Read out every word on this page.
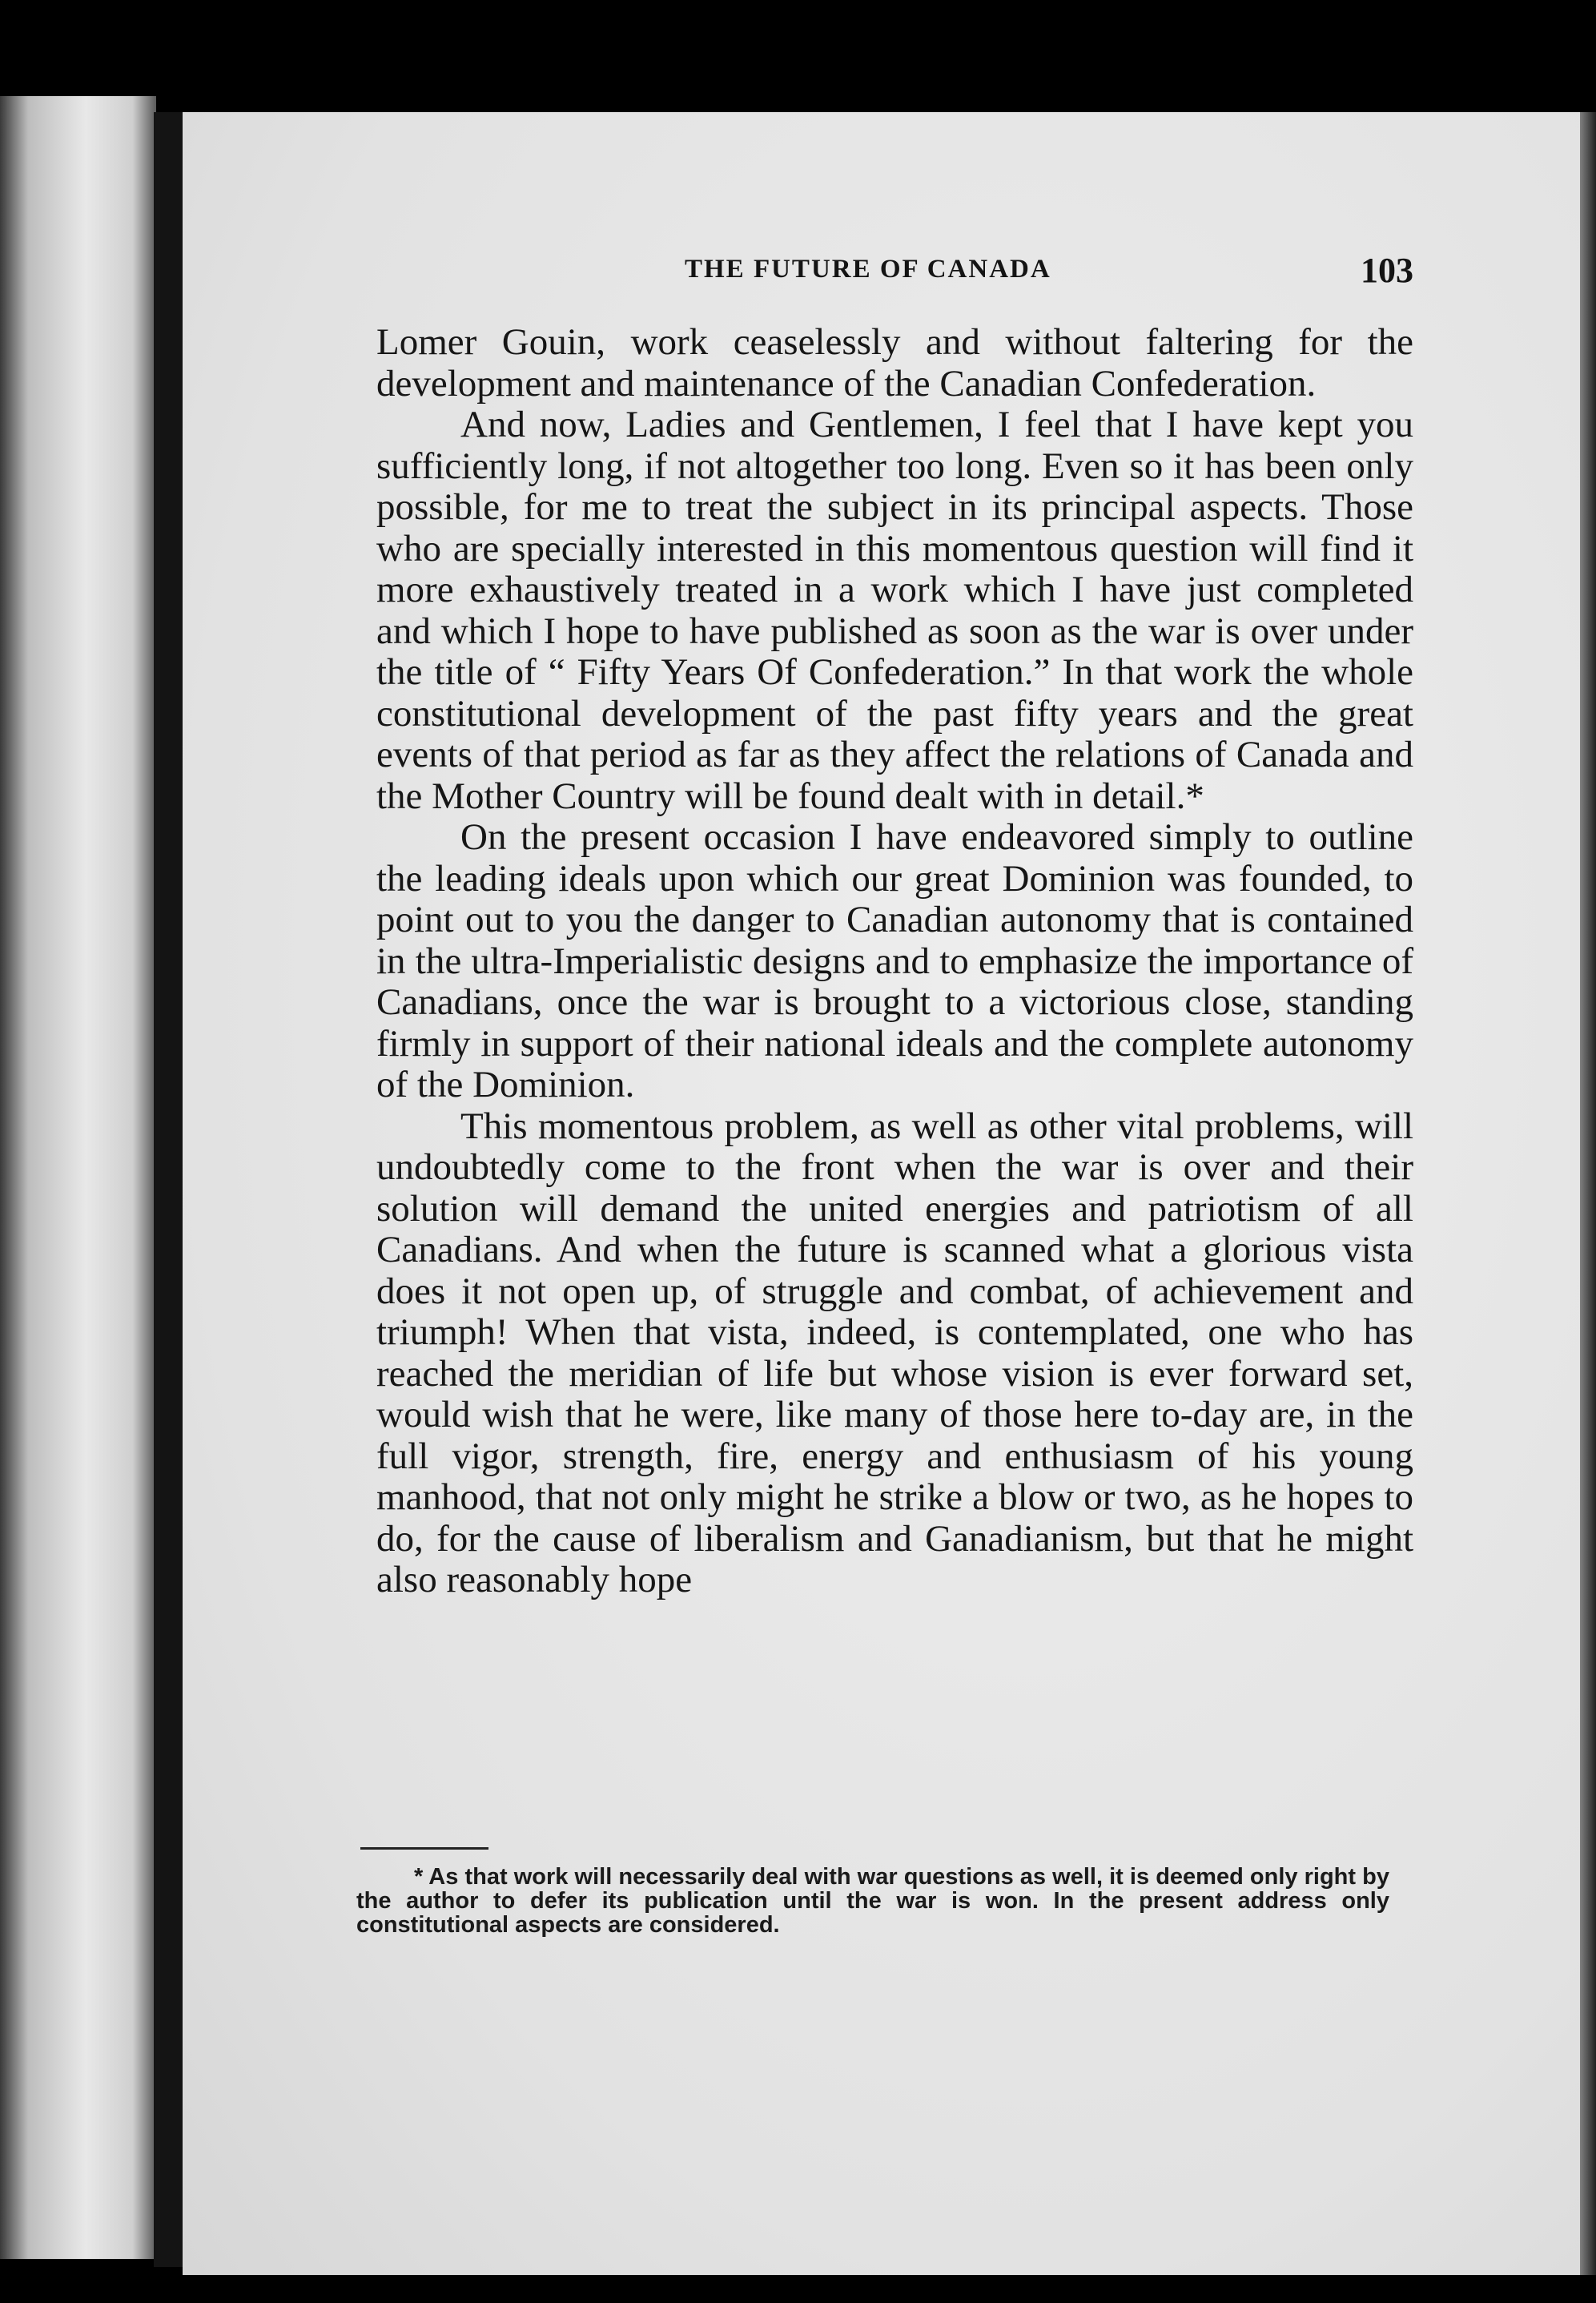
THE FUTURE OF CANADA	103

Lomer Gouin, work ceaselessly and without faltering for the development and maintenance of the Canadian Confederation.

And now, Ladies and Gentlemen, I feel that I have kept you sufficiently long, if not altogether too long. Even so it has been only possible, for me to treat the subject in its principal aspects. Those who are specially interested in this momentous question will find it more exhaustively treated in a work which I have just completed and which I hope to have published as soon as the war is over under the title of “ Fifty Years Of Confederation.” In that work the whole constitutional development of the past fifty years and the great events of that period as far as they affect the relations of Canada and the Mother Country will be found dealt with in detail.*

On the present occasion I have endeavored simply to outline the leading ideals upon which our great Dominion was founded, to point out to you the danger to Canadian autonomy that is contained in the ultra-Imperialistic designs and to emphasize the importance of Canadians, once the war is brought to a victorious close, standing firmly in support of their national ideals and the complete autonomy of the Dominion.

This momentous problem, as well as other vital problems, will undoubtedly come to the front when the war is over and their solution will demand the united energies and patriotism of all Canadians. And when the future is scanned what a glorious vista does it not open up, of struggle and combat, of achievement and triumph! When that vista, indeed, is contemplated, one who has reached the meridian of life but whose vision is ever forward set, would wish that he were, like many of those here to-day are, in the full vigor, strength, fire, energy and enthusiasm of his young manhood, that not only might he strike a blow or two, as he hopes to do, for the cause of liberalism and Ganadianism, but that he might also reasonably hope

* As that work will necessarily deal with war questions as well, it is deemed only right by the author to defer its publication until the war is won. In the present address only constitutional aspects are considered.
